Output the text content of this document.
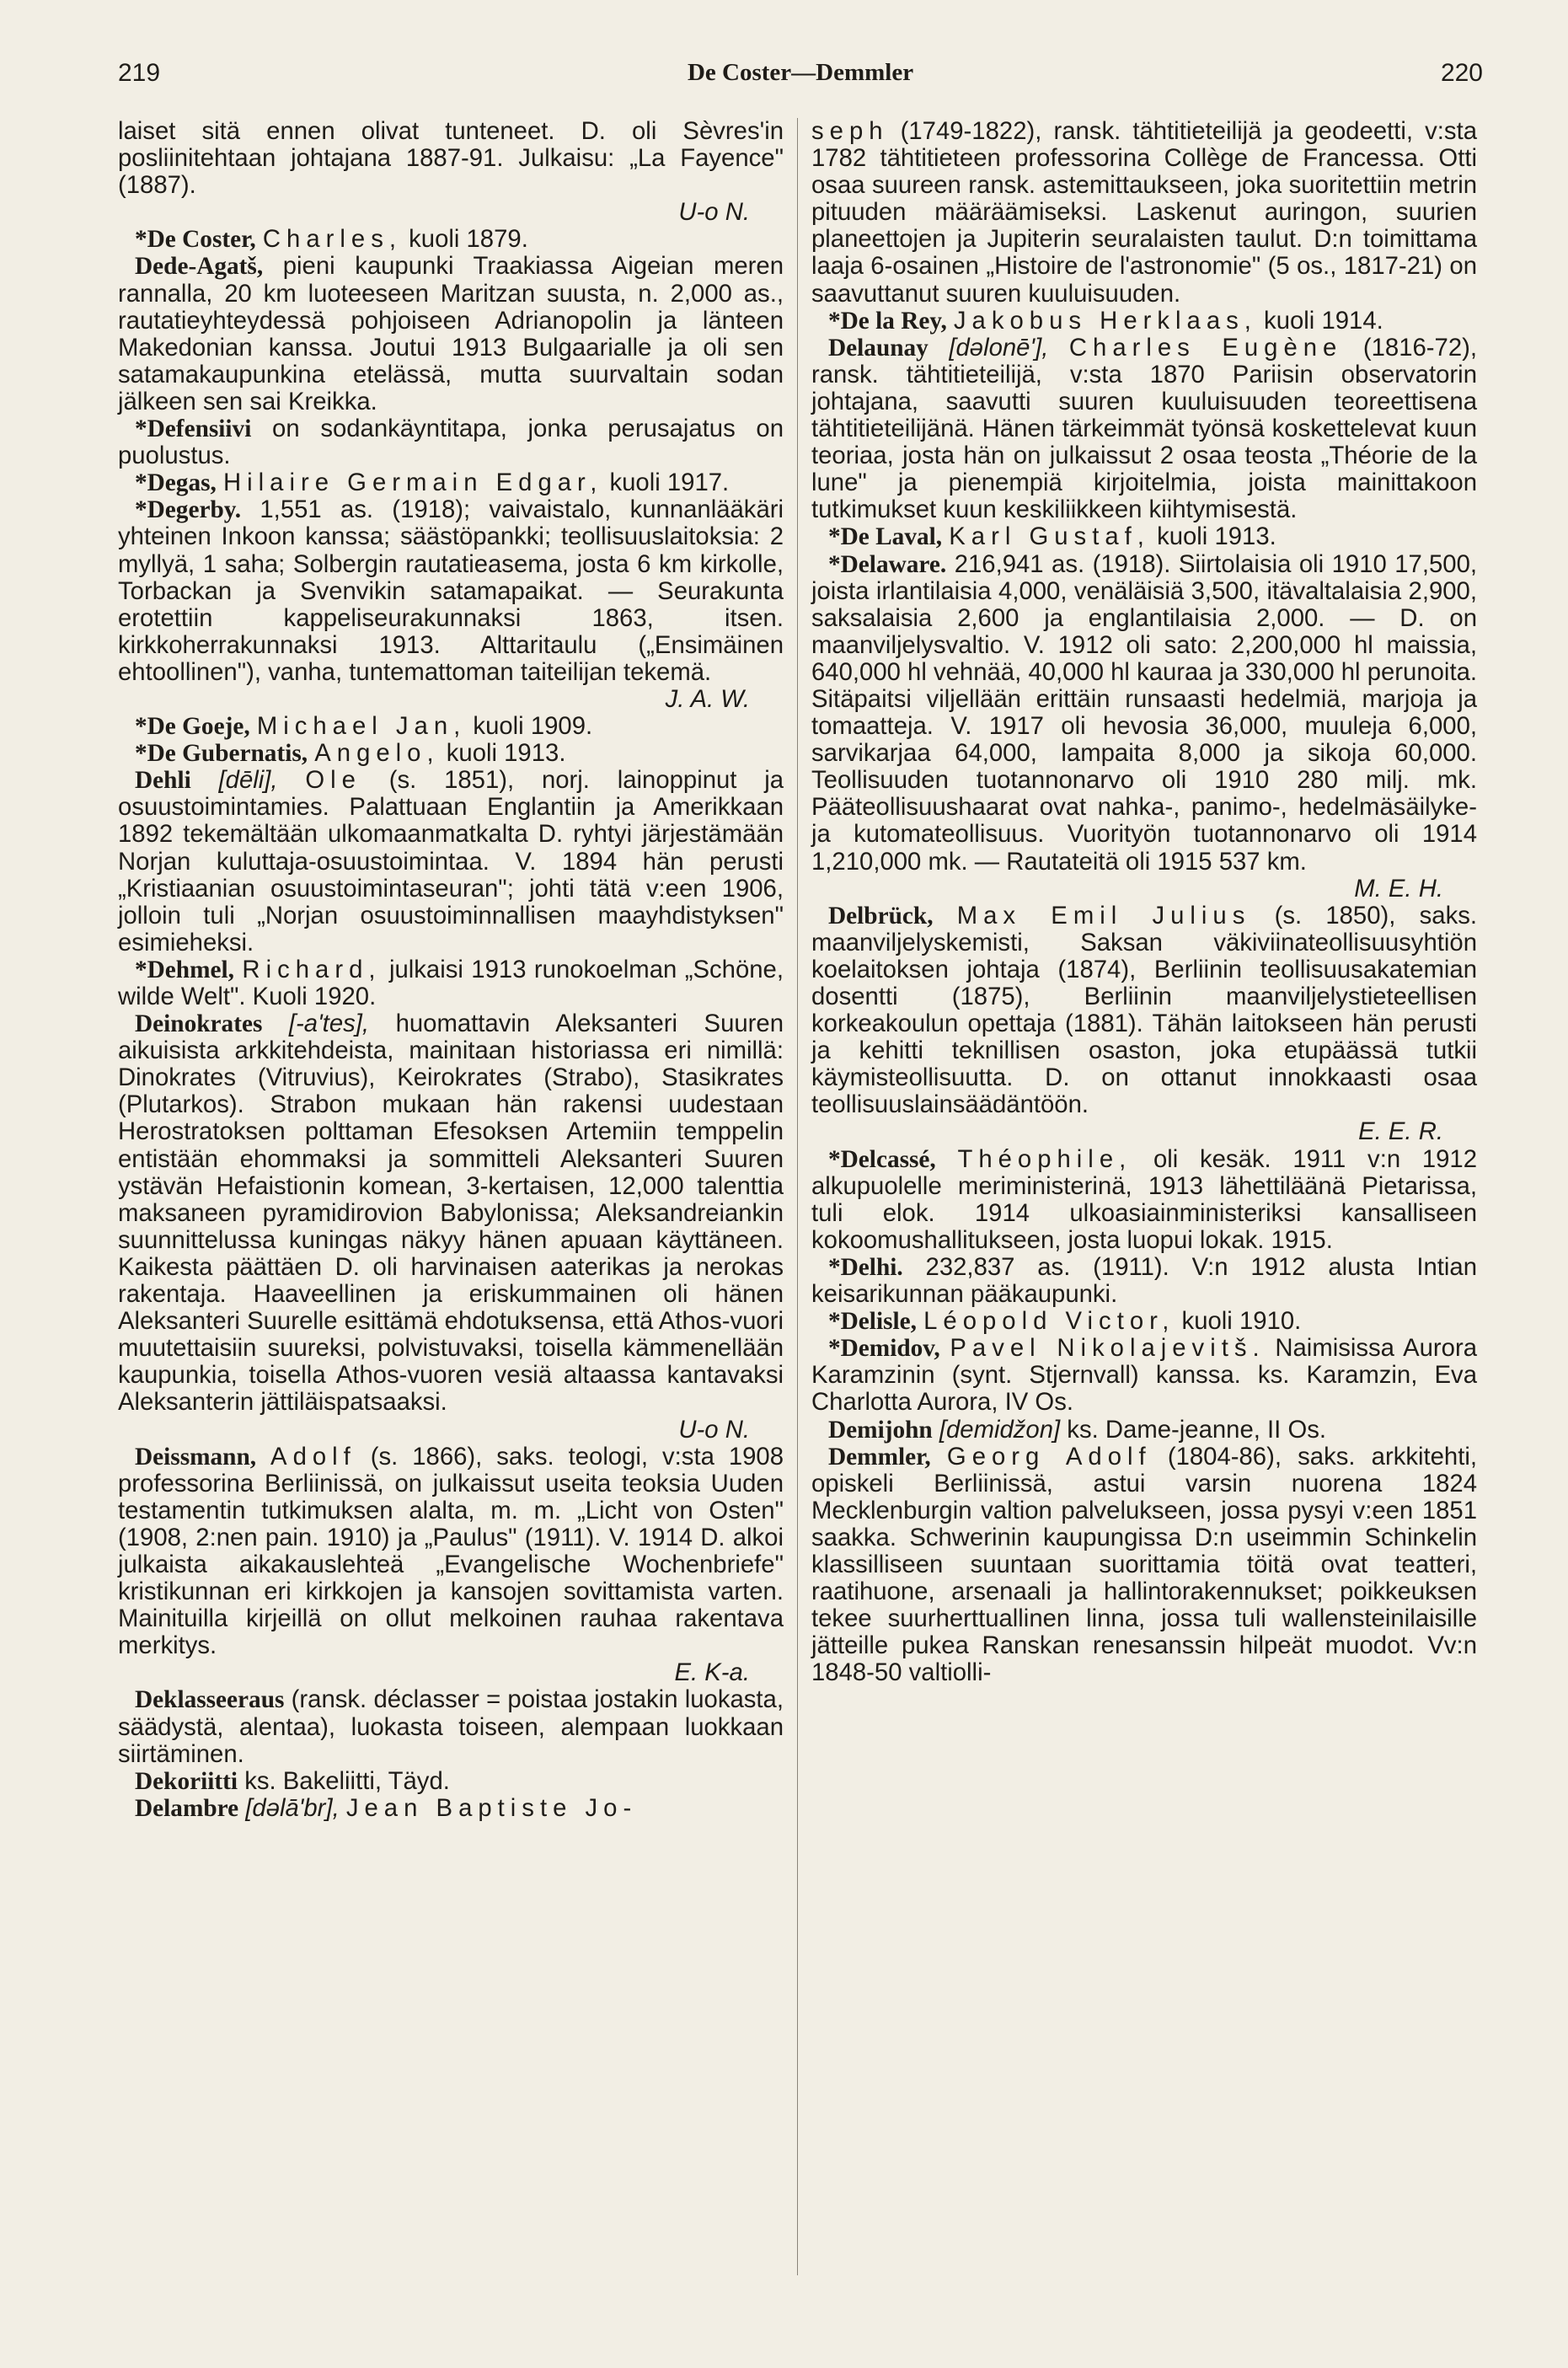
219	De Coster—Demmler	220

laiset sitä ennen olivat tunteneet. D. oli Sèvres'in posliinitehtaan johtajana 1887-91. Julkaisu: „La Fayence" (1887).
U-o N.

*De Coster, Charles, kuoli 1879.

Dede-Agatš, pieni kaupunki Traakiassa Aigeian meren rannalla, 20 km luoteeseen Maritzan suusta, n. 2,000 as., rautatieyhteydessä pohjoiseen Adrianopolin ja länteen Makedonian kanssa. Joutui 1913 Bulgaarialle ja oli sen satamakaupunkina etelässä, mutta suurvaltain sodan jälkeen sen sai Kreikka.

*Defensiivi on sodankäyntitapa, jonka perusajatus on puolustus.

*Degas, Hilaire Germain Edgar, kuoli 1917.

*Degerby. 1,551 as. (1918); vaivaistalo, kunnanlääkäri yhteinen Inkoon kanssa; säästöpankki; teollisuuslaitoksia: 2 myllyä, 1 saha; Solbergin rautatieasema, josta 6 km kirkolle, Torbackan ja Svenvikin satamapaikat. — Seurakunta erotettiin kappeliseurakunnaksi 1863, itsen. kirkkoherrakunnaksi 1913. Alttaritaulu („Ensimäinen ehtoollinen"), vanha, tuntemattoman taiteilijan tekemä.
J. A. W.

*De Goeje, Michael Jan, kuoli 1909.

*De Gubernatis, Angelo, kuoli 1913.

Dehli [dēli], Ole (s. 1851), norj. lainoppinut ja osuustoimintamies. Palattuaan Englantiin ja Amerikkaan 1892 tekemältään ulkomaanmatkalta D. ryhtyi järjestämään Norjan kuluttaja-osuustoimintaa. V. 1894 hän perusti „Kristiaanian osuustoimintaseuran"; johti tätä v:een 1906, jolloin tuli „Norjan osuustoiminnallisen maayhdistyksen" esimieheksi.

*Dehmel, Richard, julkaisi 1913 runokoelman „Schöne, wilde Welt". Kuoli 1920.

Deinokrates [-a'tes], huomattavin Aleksanteri Suuren aikuisista arkkitehdeista, mainitaan historiassa eri nimillä: Dinokrates (Vitruvius), Keirokrates (Strabo), Stasikrates (Plutarkos). Strabon mukaan hän rakensi uudestaan Herostratoksen polttaman Efesoksen Artemiin temppelin entistään ehommaksi ja sommitteli Aleksanteri Suuren ystävän Hefaistionin komean, 3-kertaisen, 12,000 talenttia maksaneen pyramidirovion Babylonissa; Aleksandreiankin suunnittelussa kuningas näkyy hänen apuaan käyttäneen. Kaikesta päättäen D. oli harvinaisen aaterikas ja nerokas rakentaja. Haaveellinen ja eriskummainen oli hänen Aleksanteri Suurelle esittämä ehdotuksensa, että Athos-vuori muutettaisiin suureksi, polvistuvaksi, toisella kämmenellään kaupunkia, toisella Athos-vuoren vesiä altaassa kantavaksi Aleksanterin jättiläispatsaaksi.
U-o N.

Deissmann, Adolf (s. 1866), saks. teologi, v:sta 1908 professorina Berliinissä, on julkaissut useita teoksia Uuden testamentin tutkimuksen alalta, m. m. „Licht von Osten" (1908, 2:nen pain. 1910) ja „Paulus" (1911). V. 1914 D. alkoi julkaista aikakauslehteä „Evangelische Wochenbriefe" kristikunnan eri kirkkojen ja kansojen sovittamista varten. Mainituilla kirjeillä on ollut melkoinen rauhaa rakentava merkitys.
E. K-a.

Deklasseeraus (ransk. déclasser = poistaa jostakin luokasta, säädystä, alentaa), luokasta toiseen, alempaan luokkaan siirtäminen.

Dekoriitti ks. Bakeliitti, Täyd.

Delambre [dəlā'br], Jean Baptiste Jo-

seph (1749-1822), ransk. tähtitieteilijä ja geodeetti, v:sta 1782 tähtitieteen professorina Collège de Francessa. Otti osaa suureen ransk. astemittaukseen, joka suoritettiin metrin pituuden määräämiseksi. Laskenut auringon, suurien planeettojen ja Jupiterin seuralaisten taulut. D:n toimittama laaja 6-osainen „Histoire de l'astronomie" (5 os., 1817-21) on saavuttanut suuren kuuluisuuden.

*De la Rey, Jakobus Herklaas, kuoli 1914.

Delaunay [dəlonē'], Charles Eugène (1816-72), ransk. tähtitieteilijä, v:sta 1870 Pariisin observatorin johtajana, saavutti suuren kuuluisuuden teoreettisena tähtitieteilijänä. Hänen tärkeimmät työnsä koskettelevat kuun teoriaa, josta hän on julkaissut 2 osaa teosta „Théorie de la lune" ja pienempiä kirjoitelmia, joista mainittakoon tutkimukset kuun keskiliikkeen kiihtymisestä.

*De Laval, Karl Gustaf, kuoli 1913.

*Delaware. 216,941 as. (1918). Siirtolaisia oli 1910 17,500, joista irlantilaisia 4,000, venäläisiä 3,500, itävaltalaisia 2,900, saksalaisia 2,600 ja englantilaisia 2,000. — D. on maanviljelysvaltio. V. 1912 oli sato: 2,200,000 hl maissia, 640,000 hl vehnää, 40,000 hl kauraa ja 330,000 hl perunoita. Sitäpaitsi viljellään erittäin runsaasti hedelmiä, marjoja ja tomaatteja. V. 1917 oli hevosia 36,000, muuleja 6,000, sarvikarjaa 64,000, lampaita 8,000 ja sikoja 60,000. Teollisuuden tuotannonarvo oli 1910 280 milj. mk. Pääteollisuushaarat ovat nahka-, panimo-, hedelmäsäilyke- ja kutomateollisuus. Vuorityön tuotannonarvo oli 1914 1,210,000 mk. — Rautateitä oli 1915 537 km.
M. E. H.

Delbrück, Max Emil Julius (s. 1850), saks. maanviljelyskemisti, Saksan väkiviinateollisuusyhtiön koelaitoksen johtaja (1874), Berliinin teollisuusakatemian dosentti (1875), Berliinin maanviljelystieteellisen korkeakoulun opettaja (1881). Tähän laitokseen hän perusti ja kehitti teknillisen osaston, joka etupäässä tutkii käymisteollisuutta. D. on ottanut innokkaasti osaa teollisuuslainsäädäntöön.
E. E. R.

*Delcassé, Théophile, oli kesäk. 1911 v:n 1912 alkupuolelle meriministerinä, 1913 lähettiläänä Pietarissa, tuli elok. 1914 ulkoasiainministeriksi kansalliseen kokoomushallitukseen, josta luopui lokak. 1915.

*Delhi. 232,837 as. (1911). V:n 1912 alusta Intian keisarikunnan pääkaupunki.

*Delisle, Léopold Victor, kuoli 1910.

*Demidov, Pavel Nikolajevitš. Naimisissa Aurora Karamzinin (synt. Stjernvall) kanssa. ks. Karamzin, Eva Charlotta Aurora, IV Os.

Demijohn [demidžon] ks. Dame-jeanne, II Os.

Demmler, Georg Adolf (1804-86), saks. arkkitehti, opiskeli Berliinissä, astui varsin nuorena 1824 Mecklenburgin valtion palvelukseen, jossa pysyi v:een 1851 saakka. Schwerinin kaupungissa D:n useimmin Schinkelin klassilliseen suuntaan suorittamia töitä ovat teatteri, raatihuone, arsenaali ja hallintorakennukset; poikkeuksen tekee suurherttuallinen linna, jossa tuli wallensteinilaisille jätteille pukea Ranskan renesanssin hilpeät muodot. Vv:n 1848-50 valtiolli-
